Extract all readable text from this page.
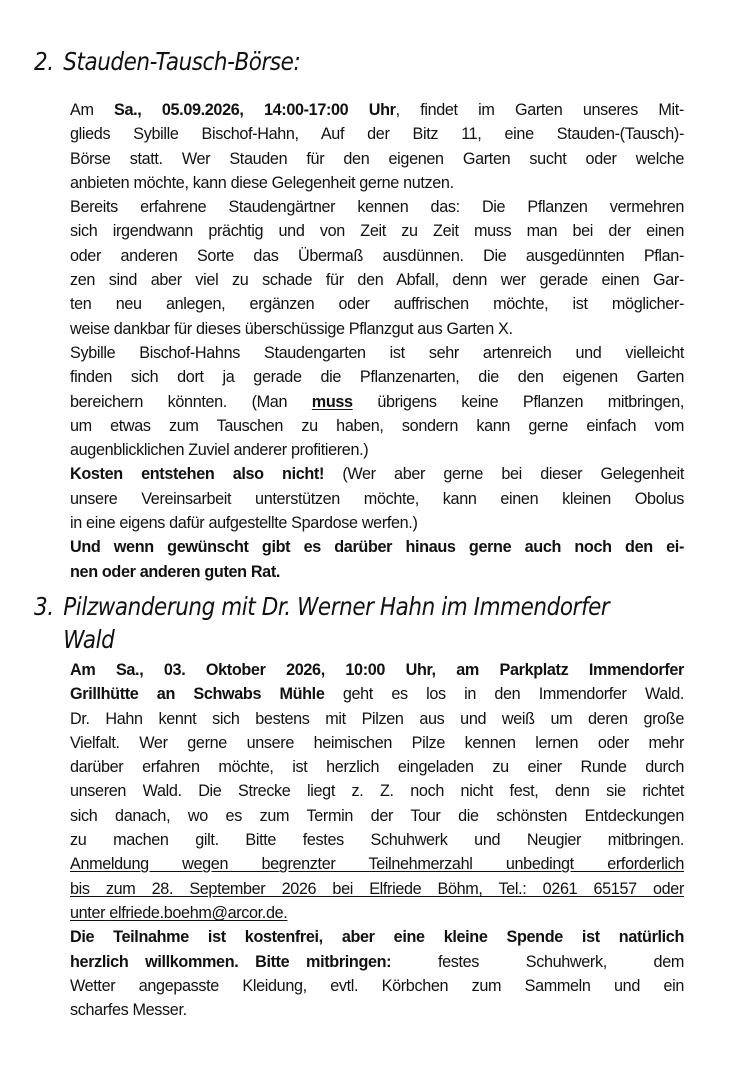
2. Stauden-Tausch-Börse:
Am Sa., 05.09.2026, 14:00-17:00 Uhr, findet im Garten unseres Mit-
glieds Sybille Bischof-Hahn, Auf der Bitz 11, eine Stauden-(Tausch)-
Börse statt. Wer Stauden für den eigenen Garten sucht oder welche
anbieten möchte, kann diese Gelegenheit gerne nutzen.
Bereits erfahrene Staudengärtner kennen das: Die Pflanzen vermehren
sich irgendwann prächtig und von Zeit zu Zeit muss man bei der einen
oder anderen Sorte das Übermaß ausdünnen. Die ausgedünnten Pflan-
zen sind aber viel zu schade für den Abfall, denn wer gerade einen Gar-
ten neu anlegen, ergänzen oder auffrischen möchte, ist möglicher-
weise dankbar für dieses überschüssige Pflanzgut aus Garten X.
Sybille Bischof-Hahns Staudengarten ist sehr artenreich und vielleicht
finden sich dort ja gerade die Pflanzenarten, die den eigenen Garten
bereichern könnten. (Man muss übrigens keine Pflanzen mitbringen,
um etwas zum Tauschen zu haben, sondern kann gerne einfach vom
augenblicklichen Zuviel anderer profitieren.)
Kosten entstehen also nicht! (Wer aber gerne bei dieser Gelegenheit
unsere Vereinsarbeit unterstützen möchte, kann einen kleinen Obolus
in eine eigens dafür aufgestellte Spardose werfen.)
Und wenn gewünscht gibt es darüber hinaus gerne auch noch den ei-
nen oder anderen guten Rat.
3. Pilzwanderung mit Dr. Werner Hahn im Immendorfer
Wald
Am Sa., 03. Oktober 2026, 10:00 Uhr, am Parkplatz Immendorfer
Grillhütte an Schwabs Mühle geht es los in den Immendorfer Wald.
Dr. Hahn kennt sich bestens mit Pilzen aus und weiß um deren große
Vielfalt. Wer gerne unsere heimischen Pilze kennen lernen oder mehr
darüber erfahren möchte, ist herzlich eingeladen zu einer Runde durch
unseren Wald. Die Strecke liegt z. Z. noch nicht fest, denn sie richtet
sich danach, wo es zum Termin der Tour die schönsten Entdeckungen
zu machen gilt. Bitte festes Schuhwerk und Neugier mitbringen.
Anmeldung wegen begrenzter Teilnehmerzahl unbedingt erforderlich
bis zum 28. September 2026 bei Elfriede Böhm, Tel.: 0261 65157 oder
unter elfriede.boehm@arcor.de.
Die Teilnahme ist kostenfrei, aber eine kleine Spende ist natürlich
herzlich willkommen. Bitte mitbringen: festes Schuhwerk, dem
Wetter angepasste Kleidung, evtl. Körbchen zum Sammeln und ein
scharfes Messer.
